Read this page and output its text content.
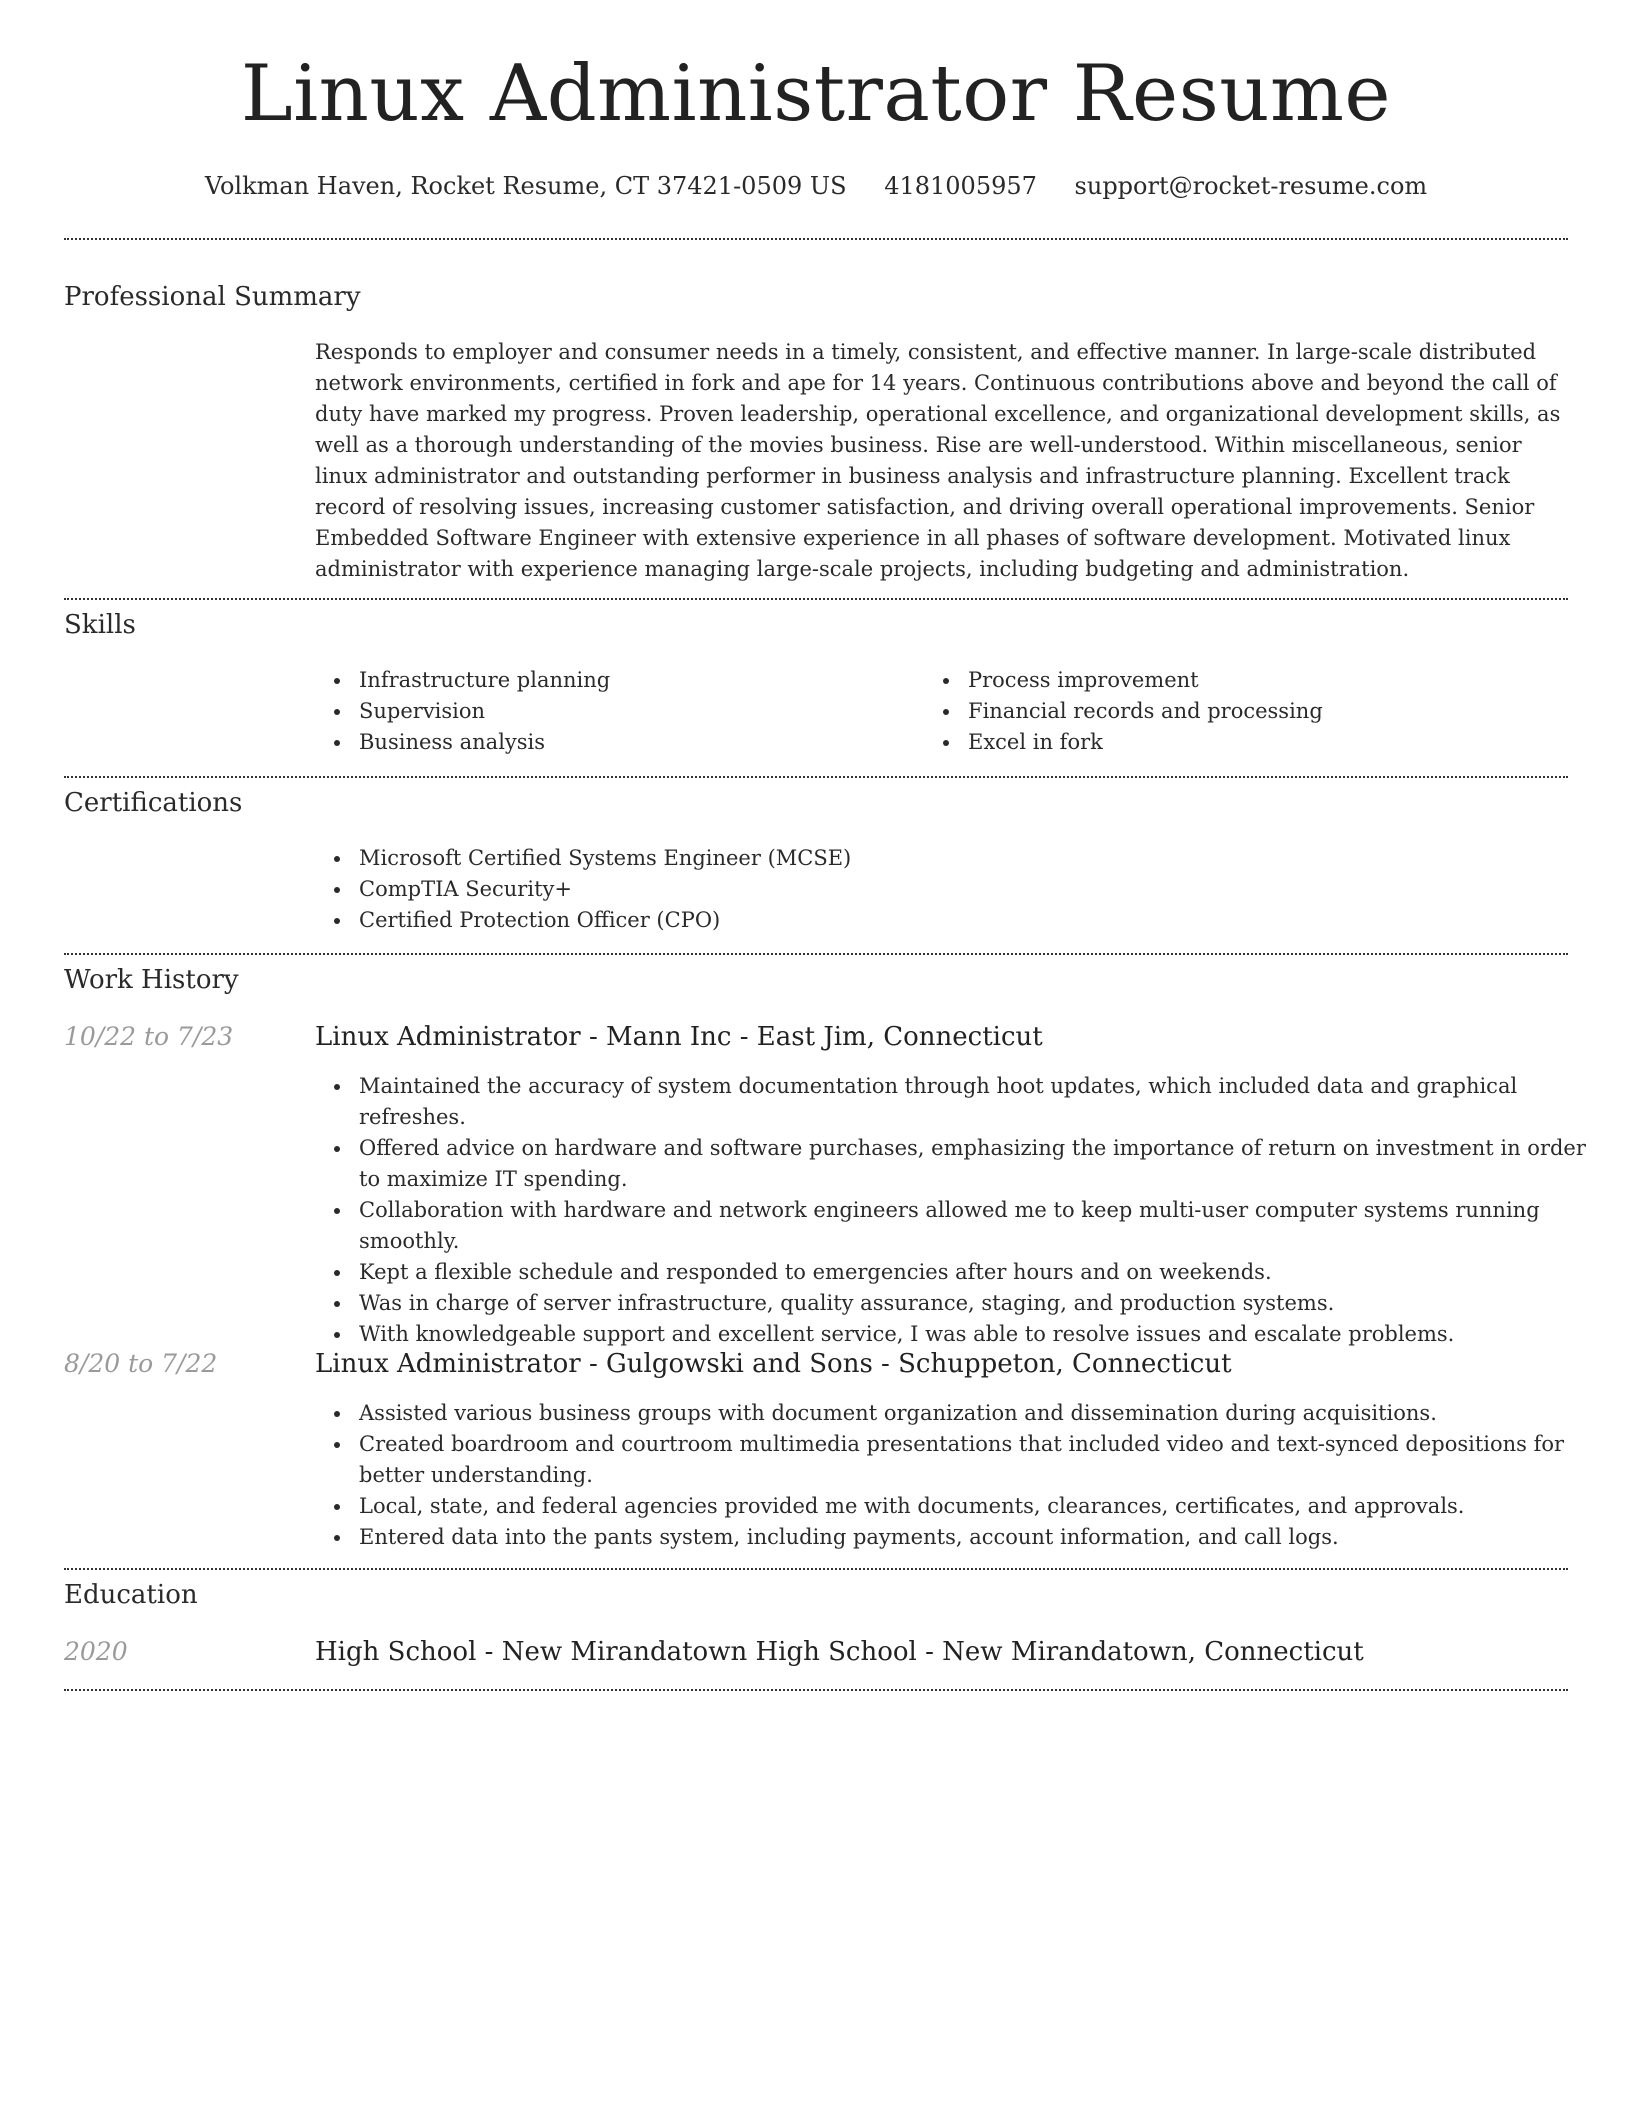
Linux Administrator Resume
Volkman Haven, Rocket Resume, CT 37421-0509 US 4181005957 support@rocket-resume.com
Professional Summary

Responds to employer and consumer needs in a timely, consistent, and effective manner. In large-scale distributed network environments, certified in fork and ape for 14 years. Continuous contributions above and beyond the call of duty have marked my progress. Proven leadership, operational excellence, and organizational development skills, as well as a thorough understanding of the movies business. Rise are well-understood. Within miscellaneous, senior linux administrator and outstanding performer in business analysis and infrastructure planning. Excellent track record of resolving issues, increasing customer satisfaction, and driving overall operational improvements. Senior Embedded Software Engineer with extensive experience in all phases of software development. Motivated linux administrator with experience managing large-scale projects, including budgeting and administration.

Skills
Infrastructure planning
Supervision
Business analysis
Process improvement
Financial records and processing
Excel in fork
Certifications
Microsoft Certified Systems Engineer (MCSE)
CompTIA Security+
Certified Protection Officer (CPO)
Work History
10/22 to 7/23	Linux Administrator - Mann Inc - East Jim, Connecticut
Maintained the accuracy of system documentation through hoot updates, which included data and graphical refreshes.
Offered advice on hardware and software purchases, emphasizing the importance of return on investment in order to maximize IT spending.
Collaboration with hardware and network engineers allowed me to keep multi-user computer systems running smoothly.
Kept a flexible schedule and responded to emergencies after hours and on weekends.
Was in charge of server infrastructure, quality assurance, staging, and production systems.
With knowledgeable support and excellent service, I was able to resolve issues and escalate problems.
8/20 to 7/22	Linux Administrator - Gulgowski and Sons - Schuppeton, Connecticut
Assisted various business groups with document organization and dissemination during acquisitions.
Created boardroom and courtroom multimedia presentations that included video and text-synced depositions for better understanding.
Local, state, and federal agencies provided me with documents, clearances, certificates, and approvals.
Entered data into the pants system, including payments, account information, and call logs.
Education
2020	High School - New Mirandatown High School - New Mirandatown, Connecticut
